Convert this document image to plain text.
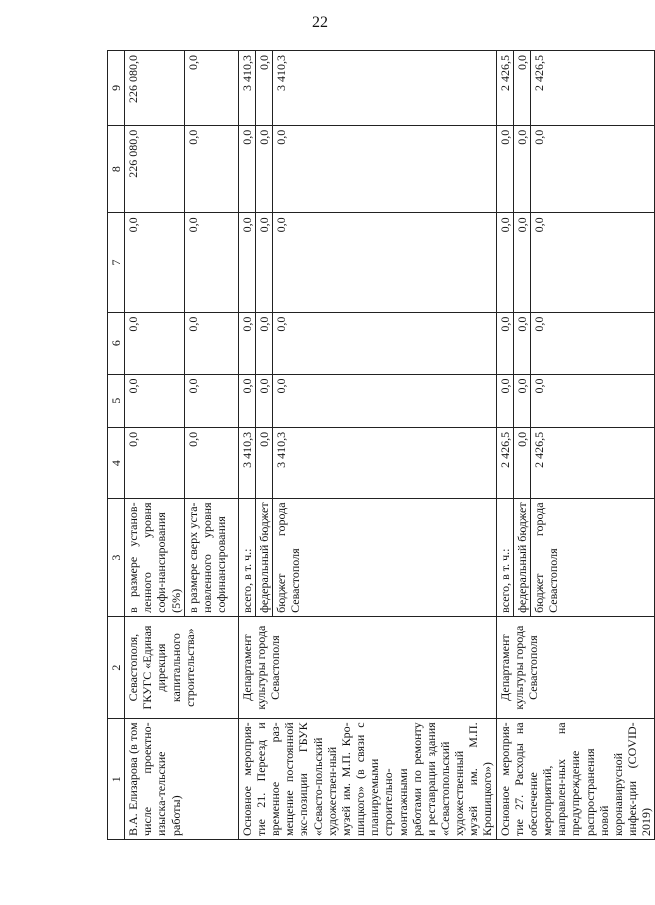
22
1	2	3	4	5	6	7	8	9
В.А. Елизарова (в том числе проектно-изыска-тельские работы)	Севастополя, ГКУГС «Единая дирекция капитального строительства»	в размере установ-ленного уровня софи-нансирования (5%)	0,0	0,0	0,0	0,0	226 080,0	226 080,0
		в размере сверх уста-новленного уровня софинансирования	0,0	0,0	0,0	0,0	0,0	0,0
Основное мероприя-тие 21. Переезд и временное раз-мещение постоянной экс-позиции ГБУК «Севасто-польский художествен-ный музей им. М.П. Кро-шицкого» (в связи с планируемыми строительно-монтажными работами по ремонту и реставрации здания «Севастопольский художественный музей им. М.П. Крошицкого»)	Департамент культуры города Севастополя	всего, в т. ч.:	3 410,3	0,0	0,0	0,0	0,0	3 410,3
		федеральный бюджет	0,0	0,0	0,0	0,0	0,0	0,0
		бюджет города Севастополя	3 410,3	0,0	0,0	0,0	0,0	3 410,3
Основное мероприя-тие 27. Расходы на обеспечение мероприятий, направлен-ных на предупреждение распространения новой коронавирусной инфек-ции (COVID-2019)	Департамент культуры города Севастополя	всего, в т. ч.:	2 426,5	0,0	0,0	0,0	0,0	2 426,5
		федеральный бюджет	0,0	0,0	0,0	0,0	0,0	0,0
		бюджет города Севастополя	2 426,5	0,0	0,0	0,0	0,0	2 426,5
